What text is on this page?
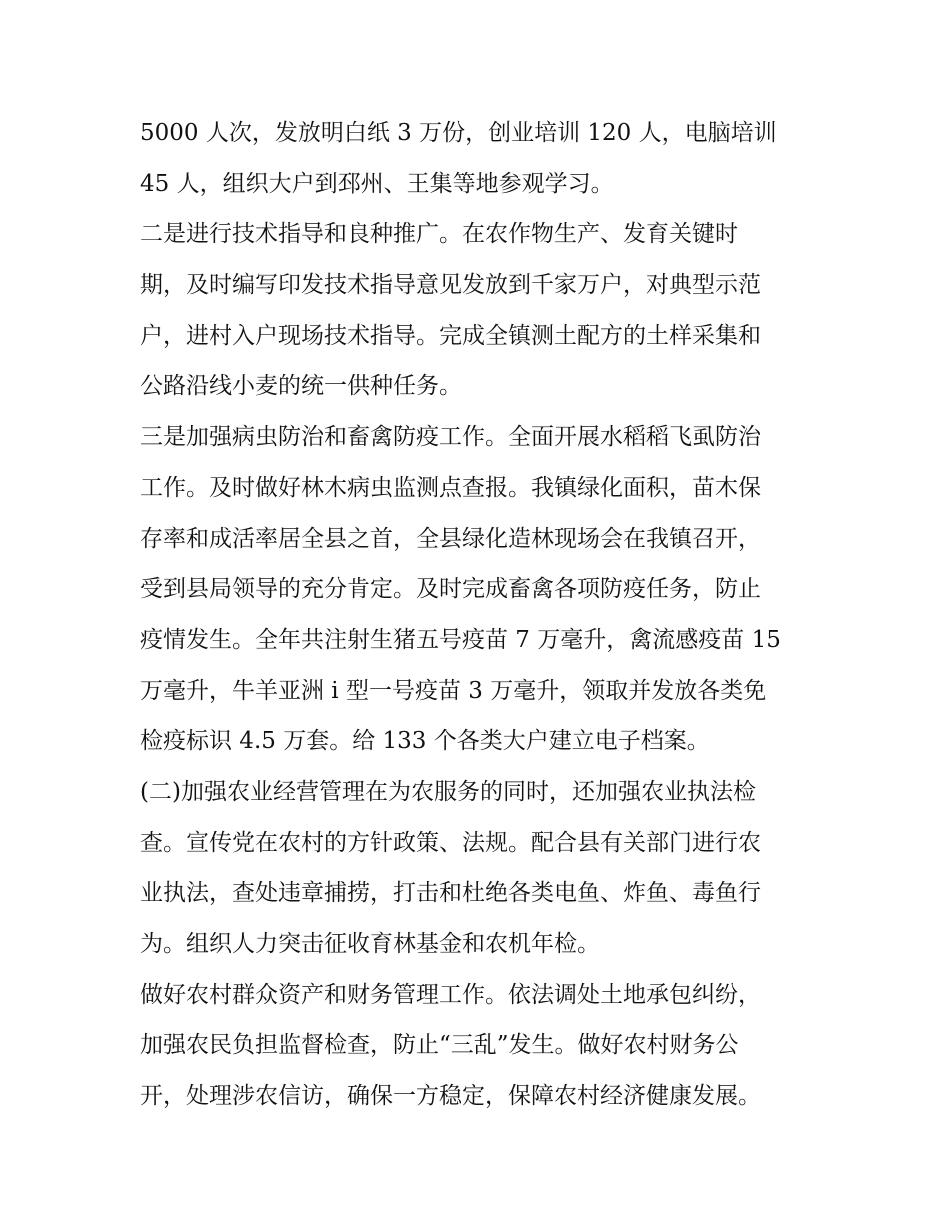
5000 人次，发放明白纸 3 万份，创业培训 120 人，电脑培训
45 人，组织大户到邳州、王集等地参观学习。
二是进行技术指导和良种推广。在农作物生产、发育关键时
期，及时编写印发技术指导意见发放到千家万户，对典型示范
户，进村入户现场技术指导。完成全镇测土配方的土样采集和
公路沿线小麦的统一供种任务。
三是加强病虫防治和畜禽防疫工作。全面开展水稻稻飞虱防治
工作。及时做好林木病虫监测点查报。我镇绿化面积，苗木保
存率和成活率居全县之首，全县绿化造林现场会在我镇召开，
受到县局领导的充分肯定。及时完成畜禽各项防疫任务，防止
疫情发生。全年共注射生猪五号疫苗 7 万毫升，禽流感疫苗 15
万毫升，牛羊亚洲 i 型一号疫苗 3 万毫升，领取并发放各类免
检疫标识 4.5 万套。给 133 个各类大户建立电子档案。
(二)加强农业经营管理在为农服务的同时，还加强农业执法检
查。宣传党在农村的方针政策、法规。配合县有关部门进行农
业执法，查处违章捕捞，打击和杜绝各类电鱼、炸鱼、毒鱼行
为。组织人力突击征收育林基金和农机年检。
做好农村群众资产和财务管理工作。依法调处土地承包纠纷，
加强农民负担监督检查，防止“三乱”发生。做好农村财务公
开，处理涉农信访，确保一方稳定，保障农村经济健康发展。
